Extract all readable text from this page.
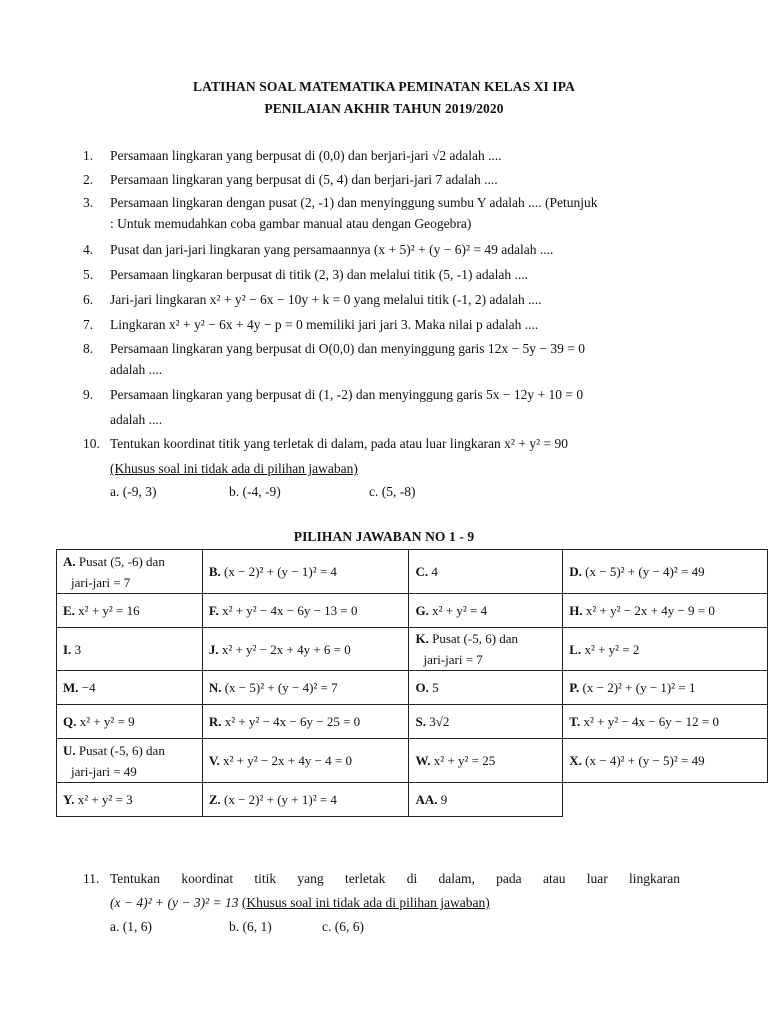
LATIHAN SOAL MATEMATIKA PEMINATAN KELAS XI IPA
PENILAIAN AKHIR TAHUN 2019/2020
1.	Persamaan lingkaran yang berpusat di (0,0) dan berjari-jari √2 adalah ....
2.	Persamaan lingkaran yang berpusat di (5, 4) dan berjari-jari 7 adalah ....
3.	Persamaan lingkaran dengan pusat (2, -1) dan menyinggung sumbu Y adalah .... (Petunjuk
: Untuk memudahkan coba gambar manual atau dengan Geogebra)
4.	Pusat dan jari-jari lingkaran yang persamaannya (x + 5)² + (y − 6)² = 49 adalah ....
5.	Persamaan lingkaran berpusat di titik (2, 3) dan melalui titik (5, -1) adalah ....
6.	Jari-jari lingkaran x² + y² − 6x − 10y + k = 0 yang melalui titik (-1, 2) adalah ....
7.	Lingkaran x² + y² − 6x + 4y − p = 0 memiliki jari jari 3. Maka nilai p adalah ....
8.	Persamaan lingkaran yang berpusat di O(0,0) dan menyinggung garis 12x − 5y − 39 = 0
adalah ....
9.	Persamaan lingkaran yang berpusat di (1, -2) dan menyinggung garis 5x − 12y + 10 = 0
adalah ....
10. Tentukan koordinat titik yang terletak di dalam, pada atau luar lingkaran x² + y² = 90
(Khusus soal ini tidak ada di pilihan jawaban)
a. (-9, 3)	b. (-4, -9)	c. (5, -8)
PILIHAN JAWABAN NO 1 - 9
A. Pusat (5, -6) dan
jari-jari = 7	B. (x − 2)² + (y − 1)² = 4	C. 4	D. (x − 5)² + (y − 4)² = 49
E. x² + y² = 16	F. x² + y² − 4x − 6y − 13 = 0	G. x² + y² = 4	H. x² + y² − 2x + 4y − 9 = 0
I. 3	J. x² + y² − 2x + 4y + 6 = 0	K. Pusat (-5, 6) dan
jari-jari = 7	L. x² + y² = 2
M. −4	N. (x − 5)² + (y − 4)² = 7	O. 5	P. (x − 2)² + (y − 1)² = 1
Q. x² + y² = 9	R. x² + y² − 4x − 6y − 25 = 0	S. 3√2	T. x² + y² − 4x − 6y − 12 = 0
U. Pusat (-5, 6) dan
jari-jari = 49	V. x² + y² − 2x + 4y − 4 = 0	W. x² + y² = 25	X. (x − 4)² + (y − 5)² = 49
Y. x² + y² = 3	Z. (x − 2)² + (y + 1)² = 4	AA. 9	
11. Tentukan koordinat titik yang terletak di dalam, pada atau luar lingkaran
(x − 4)² + (y − 3)² = 13 (Khusus soal ini tidak ada di pilihan jawaban)
a. (1, 6)	b. (6, 1)	c. (6, 6)
